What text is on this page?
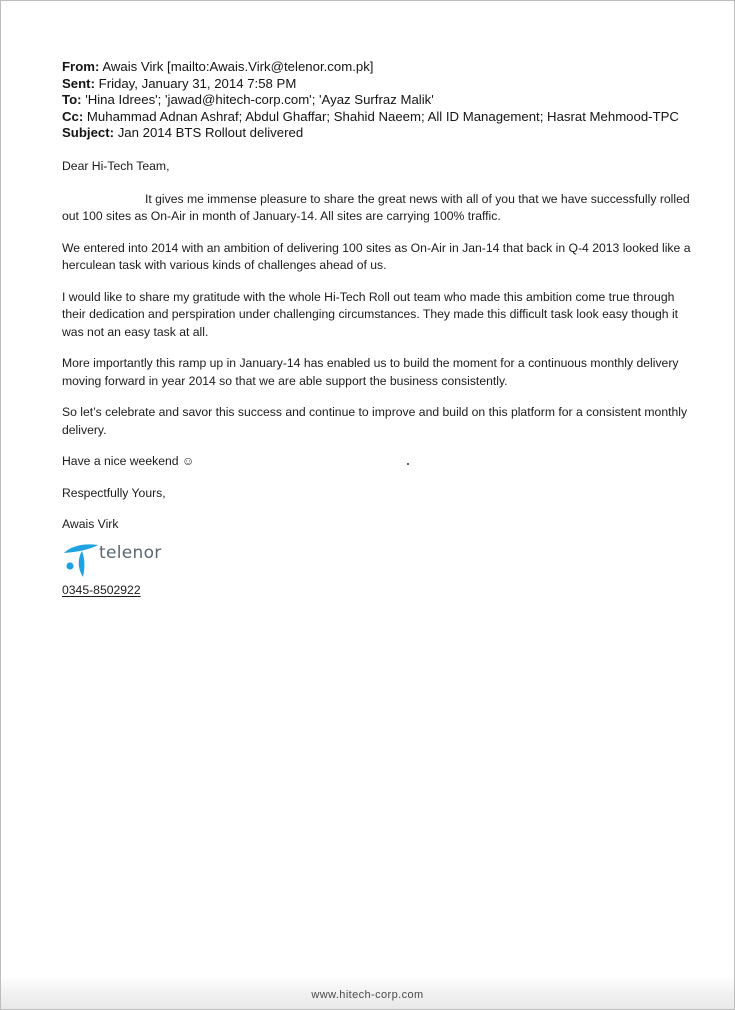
From: Awais Virk [mailto:Awais.Virk@telenor.com.pk]
Sent: Friday, January 31, 2014 7:58 PM
To: 'Hina Idrees'; 'jawad@hitech-corp.com'; 'Ayaz Surfraz Malik'
Cc: Muhammad Adnan Ashraf; Abdul Ghaffar; Shahid Naeem; All ID Management; Hasrat Mehmood-TPC
Subject: Jan 2014 BTS Rollout delivered

Dear Hi-Tech Team,

It gives me immense pleasure to share the great news with all of you that we have successfully rolled out 100 sites as On-Air in month of January-14. All sites are carrying 100% traffic.

We entered into 2014 with an ambition of delivering 100 sites as On-Air in Jan-14 that back in Q-4 2013 looked like a herculean task with various kinds of challenges ahead of us.

I would like to share my gratitude with the whole Hi-Tech Roll out team who made this ambition come true through their dedication and perspiration under challenging circumstances. They made this difficult task look easy though it was not an easy task at all.

More importantly this ramp up in January-14 has enabled us to build the moment for a continuous monthly delivery moving forward in year 2014 so that we are able support the business consistently.

So let’s celebrate and savor this success and continue to improve and build on this platform for a consistent monthly delivery.

Have a nice weekend ☺

Respectfully Yours,

Awais Virk

telenor

0345-8502922

www.hitech-corp.com
